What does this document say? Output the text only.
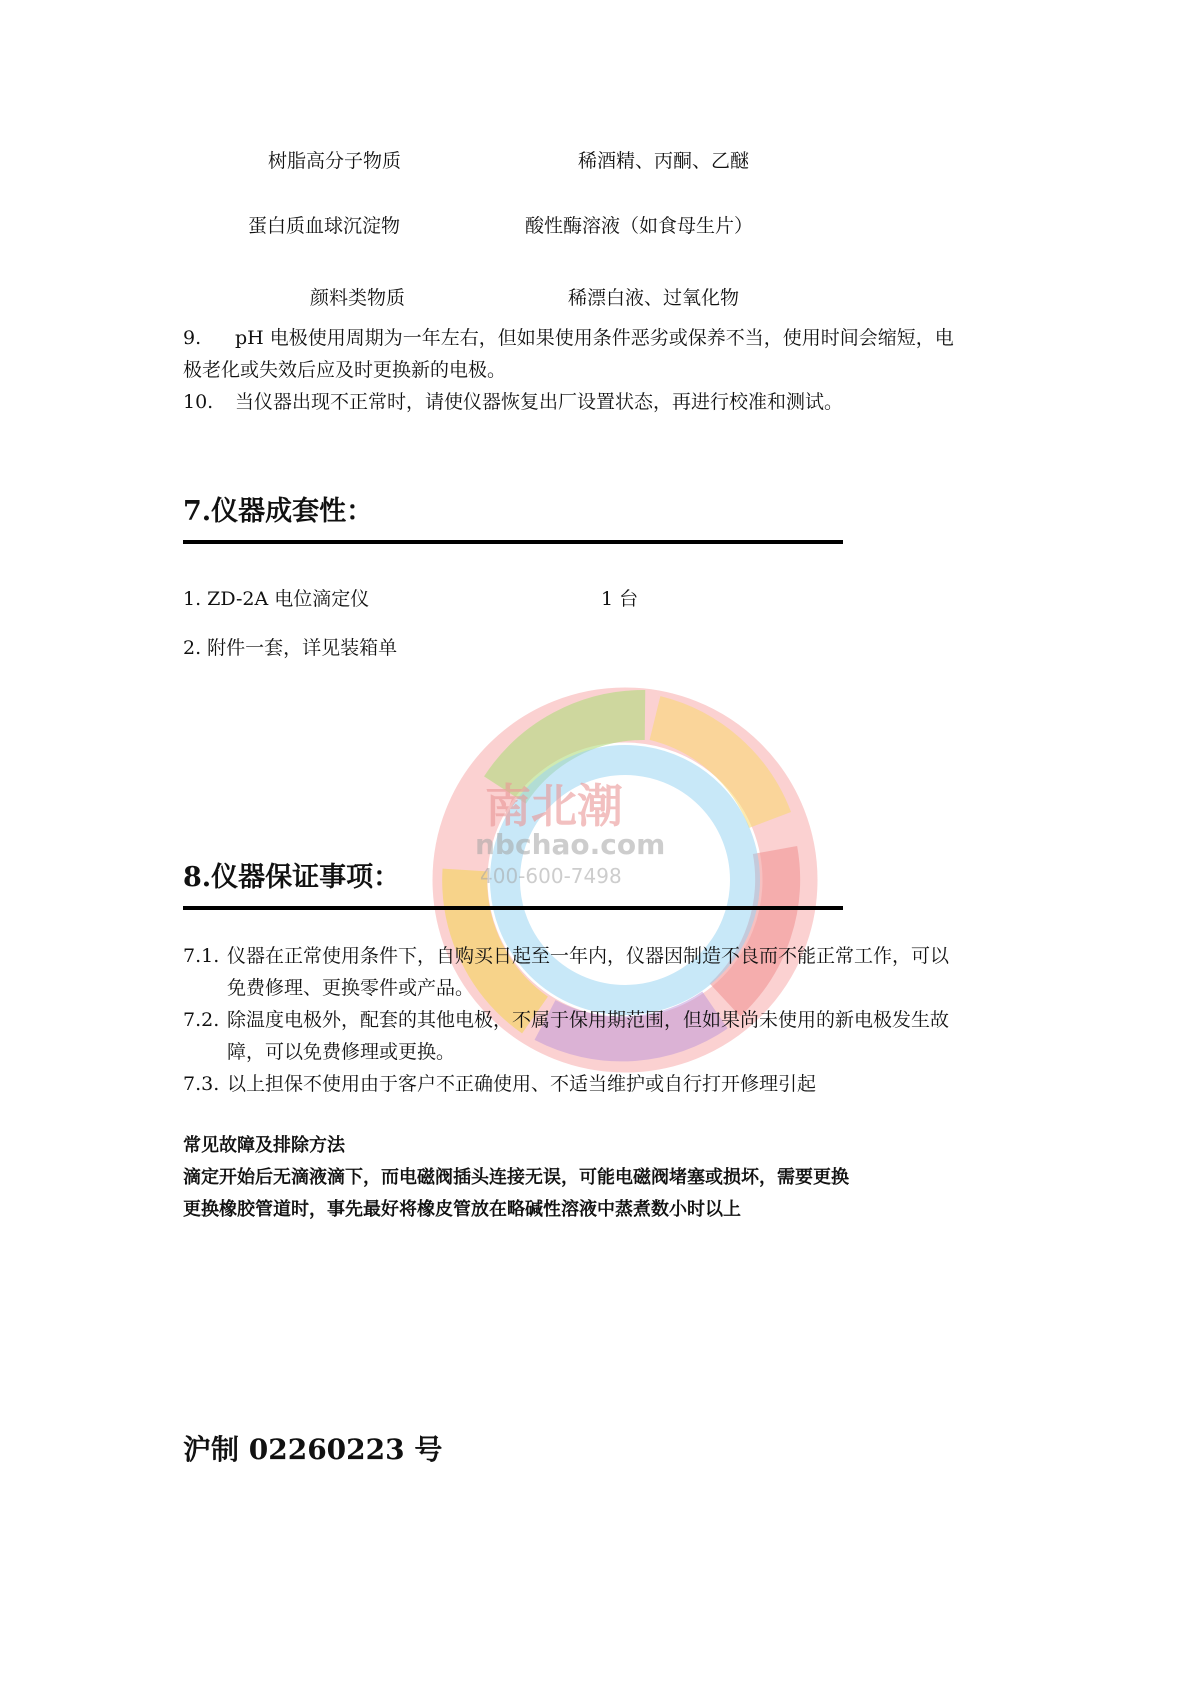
南北潮
nbchao.com
400-600-7498
树脂高分子物质	稀酒精、丙酮、乙醚
蛋白质血球沉淀物	酸性酶溶液（如食母生片）
颜料类物质	稀漂白液、过氧化物
9. pH 电极使用周期为一年左右，但如果使用条件恶劣或保养不当，使用时间会缩短，电
极老化或失效后应及时更换新的电极。
10. 当仪器出现不正常时，请使仪器恢复出厂设置状态，再进行校准和测试。
7.仪器成套性：
1. ZD-2A 电位滴定仪	1 台
2. 附件一套，详见装箱单
8.仪器保证事项：
7.1. 仪器在正常使用条件下，自购买日起至一年内，仪器因制造不良而不能正常工作，可以
免费修理、更换零件或产品。
7.2. 除温度电极外，配套的其他电极，不属于保用期范围，但如果尚未使用的新电极发生故
障，可以免费修理或更换。
7.3. 以上担保不使用由于客户不正确使用、不适当维护或自行打开修理引起
常见故障及排除方法
滴定开始后无滴液滴下，而电磁阀插头连接无误，可能电磁阀堵塞或损坏，需要更换
更换橡胶管道时，事先最好将橡皮管放在略碱性溶液中蒸煮数小时以上
沪制 02260223 号
